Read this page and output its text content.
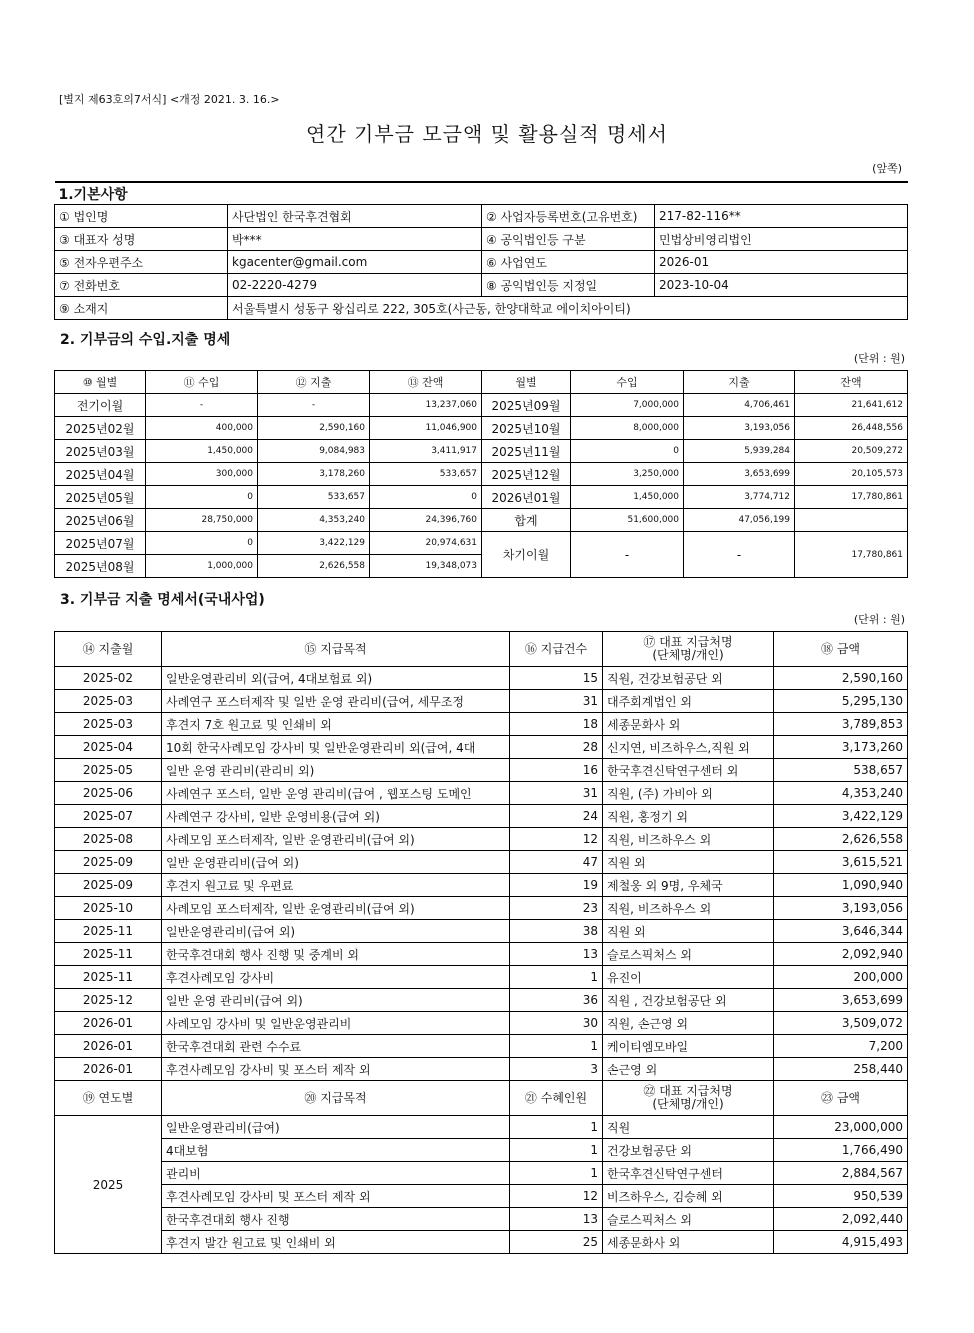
[별지 제63호의7서식] <개정 2021. 3. 16.>
연간 기부금 모금액 및 활용실적 명세서
(앞쪽)
1.기본사항			
① 법인명	사단법인 한국후견협회	② 사업자등록번호(고유번호)	217-82-116**
③ 대표자 성명	박***	④ 공익법인등 구분	민법상비영리법인
⑤ 전자우편주소	kgacenter@gmail.com	⑥ 사업연도	2026-01
⑦ 전화번호	02-2220-4279	⑧ 공익법인등 지정일	2023-10-04
⑨ 소재지	서울특별시 성동구 왕십리로 222, 305호(사근동, 한양대학교 에이치아이티)		
2. 기부금의 수입.지출 명세
(단위 : 원)
⑩ 월별	⑪ 수입	⑫ 지출	⑬ 잔액	월별	수입	지출	잔액
전기이월	-	-	13,237,060	2025년09월	7,000,000	4,706,461	21,641,612
2025년02월	400,000	2,590,160	11,046,900	2025년10월	8,000,000	3,193,056	26,448,556
2025년03월	1,450,000	9,084,983	3,411,917	2025년11월	0	5,939,284	20,509,272
2025년04월	300,000	3,178,260	533,657	2025년12월	3,250,000	3,653,699	20,105,573
2025년05월	0	533,657	0	2026년01월	1,450,000	3,774,712	17,780,861
2025년06월	28,750,000	4,353,240	24,396,760	합계	51,600,000	47,056,199	
2025년07월	0	3,422,129	20,974,631	차기이월	-	-	17,780,861
2025년08월	1,000,000	2,626,558	19,348,073				
3. 기부금 지출 명세서(국내사업)
(단위 : 원)
⑭ 지출월	⑮ 지급목적	⑯ 지급건수	⑰ 대표 지급처명
(단체명/개인)	⑱ 금액

2025-02	일반운영관리비 외(급여, 4대보험료 외)	15	직원, 건강보험공단 외	2,590,160
2025-03	사례연구 포스터제작 및 일반 운영 관리비(급여, 세무조정	31	대주회계법인 외	5,295,130
2025-03	후견지 7호 원고료 및 인쇄비 외	18	세종문화사 외	3,789,853
2025-04	10회 한국사례모임 강사비 및 일반운영관리비 외(급여, 4대	28	신지연, 비즈하우스,직원 외	3,173,260
2025-05	일반 운영 관리비(관리비 외)	16	한국후견신탁연구센터 외	538,657
2025-06	사례연구 포스터, 일반 운영 관리비(급여 , 웹포스팅 도메인	31	직원, (주) 가비아 외	4,353,240
2025-07	사례연구 강사비, 일반 운영비용(급여 외)	24	직원, 홍정기 외	3,422,129
2025-08	사례모임 포스터제작, 일반 운영관리비(급여 외)	12	직원, 비즈하우스 외	2,626,558
2025-09	일반 운영관리비(급여 외)	47	직원 외	3,615,521
2025-09	후견지 원고료 및 우편료	19	제철웅 외 9명, 우체국	1,090,940
2025-10	사례모임 포스터제작, 일반 운영관리비(급여 외)	23	직원, 비즈하우스 외	3,193,056
2025-11	일반운영관리비(급여 외)	38	직원 외	3,646,344
2025-11	한국후견대회 행사 진행 및 중계비 외	13	슬로스픽처스 외	2,092,940
2025-11	후견사례모임 강사비	1	유진이	200,000
2025-12	일반 운영 관리비(급여 외)	36	직원 , 건강보험공단 외	3,653,699
2026-01	사례모임 강사비 및 일반운영관리비	30	직원, 손근영 외	3,509,072
2026-01	한국후견대회 관련 수수료	1	케이티엠모바일	7,200
2026-01	후견사례모임 강사비 및 포스터 제작 외	3	손근영 외	258,440

⑲ 연도별	⑳ 지급목적	㉑ 수혜인원	㉒ 대표 지급처명
(단체명/개인)	㉓ 금액

2025	일반운영관리비(급여)	1	직원	23,000,000
	4대보험	1	건강보험공단 외	1,766,490
	관리비	1	한국후견신탁연구센터	2,884,567
	후견사례모임 강사비 및 포스터 제작 외	12	비즈하우스, 김승혜 외	950,539
	한국후견대회 행사 진행	13	슬로스픽처스 외	2,092,440
	후견지 발간 원고료 및 인쇄비 외	25	세종문화사 외	4,915,493
